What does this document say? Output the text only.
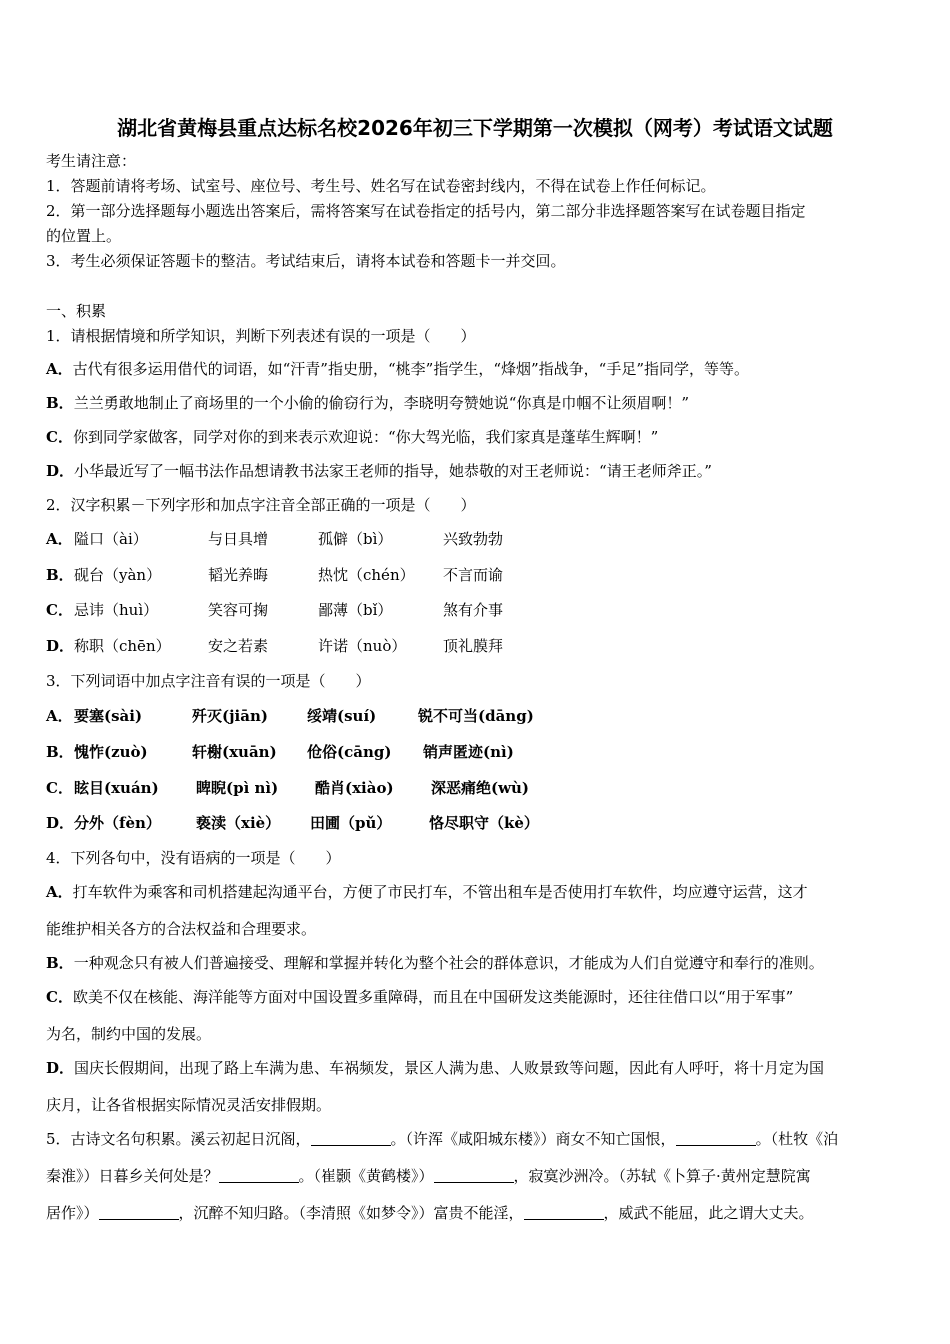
湖北省黄梅县重点达标名校2026年初三下学期第一次模拟（网考）考试语文试题
考生请注意：
1．答题前请将考场、试室号、座位号、考生号、姓名写在试卷密封线内，不得在试卷上作任何标记。
2．第一部分选择题每小题选出答案后，需将答案写在试卷指定的括号内，第二部分非选择题答案写在试卷题目指定
的位置上。
3．考生必须保证答题卡的整洁。考试结束后，请将本试卷和答题卡一并交回。
一、积累
1．请根据情境和所学知识，判断下列表述有误的一项是（　　）
A．古代有很多运用借代的词语，如“汗青”指史册，“桃李”指学生，“烽烟”指战争，“手足”指同学，等等。
B．兰兰勇敢地制止了商场里的一个小偷的偷窃行为，李晓明夸赞她说“你真是巾帼不让须眉啊！”
C．你到同学家做客，同学对你的到来表示欢迎说：“你大驾光临，我们家真是蓬荜生辉啊！”
D．小华最近写了一幅书法作品想请教书法家王老师的指导，她恭敬的对王老师说：“请王老师斧正。”
2．汉字积累－下列字形和加点字注音全部正确的一项是（　　）
A． 隘口（ài）	与日具增	孤僻（bì）	兴致勃勃
B． 砚台（yàn）	韬光养晦	热忱（chén） 不言而谕
C． 忌讳（huì）	笑容可掬	鄙薄（bǐ）	煞有介事
D． 称职（chēn） 安之若素	许诺（nuò） 顶礼膜拜
3．下列词语中加点字注音有误的一项是（　　）
A． 要塞(sài)	歼灭(jiān)	绥靖(suí)	锐不可当(dāng)
B． 愧怍(zuò)	轩榭(xuān) 伧俗(cāng) 销声匿迹(nì)
C． 眩目(xuán) 睥睨(pì nì) 酷肖(xiào) 深恶痛绝(wù)
D． 分外（fèn） 亵渎（xiè） 田圃（pǔ）	恪尽职守（kè）
4．下列各句中，没有语病的一项是（　　）
A．打车软件为乘客和司机搭建起沟通平台，方便了市民打车，不管出租车是否使用打车软件，均应遵守运营，这才
能维护相关各方的合法权益和合理要求。
B．一种观念只有被人们普遍接受、理解和掌握并转化为整个社会的群体意识，才能成为人们自觉遵守和奉行的准则。
C．欧美不仅在核能、海洋能等方面对中国设置多重障碍，而且在中国研发这类能源时，还往往借口以“用于军事”
为名，制约中国的发展。
D．国庆长假期间，出现了路上车满为患、车祸频发，景区人满为患、人败景致等问题，因此有人呼吁，将十月定为国
庆月，让各省根据实际情况灵活安排假期。
5．古诗文名句积累。溪云初起日沉阁，	。（许浑《咸阳城东楼》）商女不知亡国恨，	。（杜牧《泊
秦淮》）日暮乡关何处是？	。（崔颢《黄鹤楼》）	，寂寞沙洲冷。（苏轼《卜算子·黄州定慧院寓
居作》）	，沉醉不知归路。（李清照《如梦令》）富贵不能淫，	，威武不能屈，此之谓大丈夫。
